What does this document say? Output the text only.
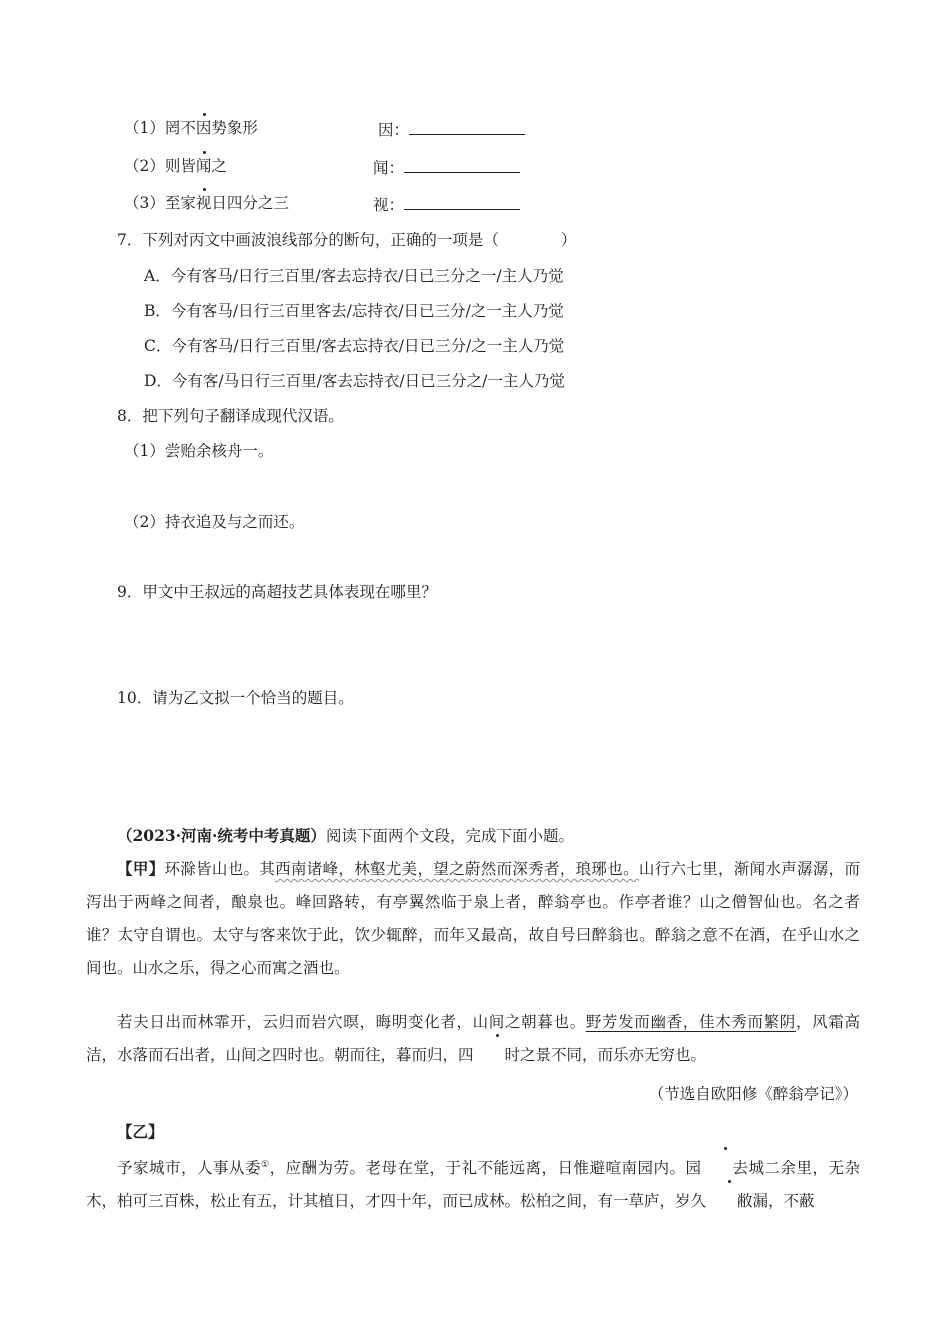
（1）罔不因势象形	因：
（2）则皆闻之	闻：
（3）至家视日四分之三	视：
7．下列对丙文中画波浪线部分的断句，正确的一项是（　　　　）
A．今有客马/日行三百里/客去忘持衣/日已三分之一/主人乃觉
B．今有客马/日行三百里客去/忘持衣/日已三分/之一主人乃觉
C．今有客马/日行三百里/客去忘持衣/日已三分/之一主人乃觉
D．今有客/马日行三百里/客去忘持衣/日已三分之/一主人乃觉
8．把下列句子翻译成现代汉语。
（1）尝贻余核舟一。
（2）持衣追及与之而还。
9．甲文中王叔远的高超技艺具体表现在哪里？
10．请为乙文拟一个恰当的题目。
（2023·河南·统考中考真题）阅读下面两个文段，完成下面小题。
【甲】环滁皆山也。其西南诸峰，林壑尤美，望之蔚然而深秀者，琅琊也。山行六七里，渐闻水声潺潺，而泻出于两峰之间者，酿泉也。峰回路转，有亭翼然临于泉上者，醉翁亭也。作亭者谁？山之僧智仙也。名之者谁？太守自谓也。太守与客来饮于此，饮少辄醉，而年又最高，故自号曰醉翁也。醉翁之意不在酒，在乎山水之间也。山水之乐，得之心而寓之酒也。
若夫日出而林霏开，云归而岩穴暝，晦明变化者，山间之朝暮也。野芳发而幽香，佳木秀而繁阴，风霜高洁，水落而石出者，山间之四时也。朝而往，暮而归，四 时之景不同，而乐亦无穷也。
（节选自欧阳修《醉翁亭记》）
【乙】
予家城市，人事从委①，应酬为劳。老母在堂，于礼不能远离，日惟避喧南园内。园 去城二余里，无杂木，柏可三百株，松止有五，计其植日，才四十年，而已成林。松柏之间，有一草庐，岁久 敝漏，不蔽
